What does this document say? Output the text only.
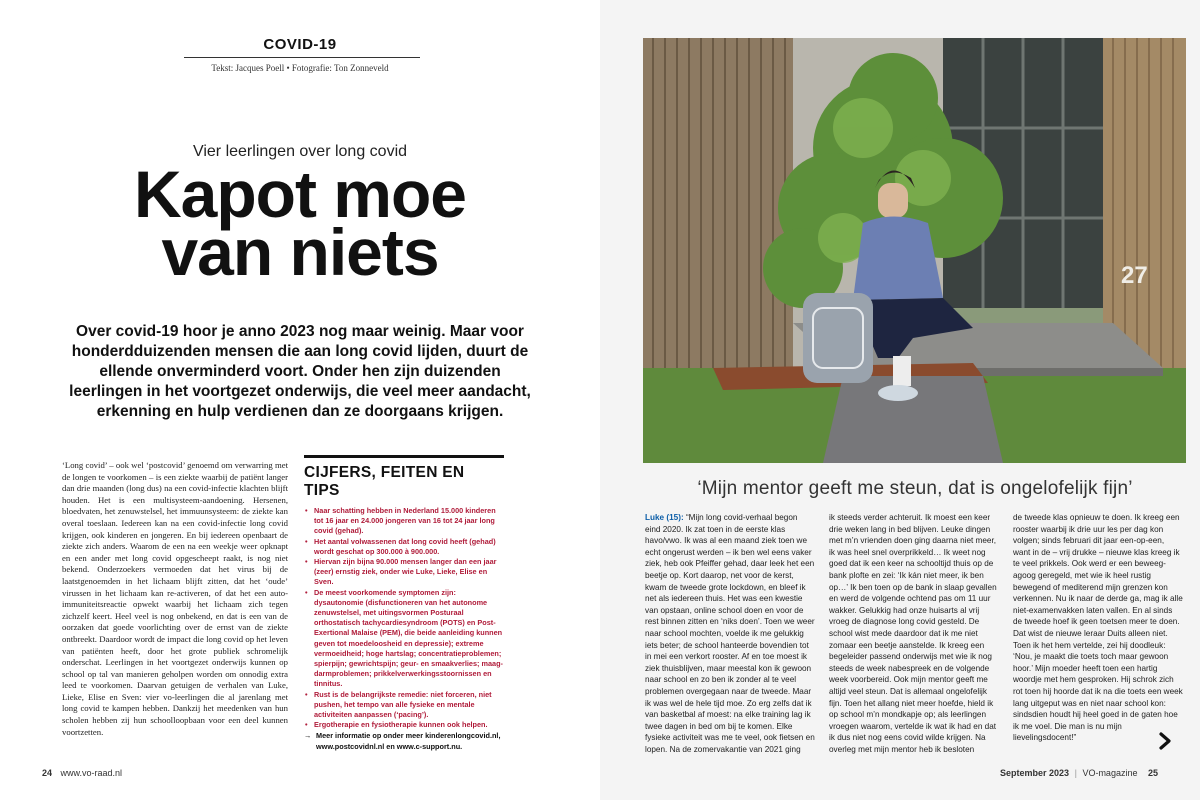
COVID-19
Tekst: Jacques Poell • Fotografie: Ton Zonneveld
Vier leerlingen over long covid
Kapot moe
van niets
Over covid-19 hoor je anno 2023 nog maar weinig. Maar voor honderdduizenden mensen die aan long covid lijden, duurt de ellende onverminderd voort. Onder hen zijn duizenden leerlingen in het voortgezet onderwijs, die veel meer aandacht, erkenning en hulp verdienen dan ze doorgaans krijgen.
‘Long covid’ – ook wel ‘postcovid’ genoemd om verwarring met de longen te voorkomen – is een ziekte waarbij de patiënt langer dan drie maanden (long dus) na een covid-infectie klachten blijft houden. Het is een multisysteem-aandoening. Hersenen, bloedvaten, het zenuwstelsel, het immuunsysteem: de ziekte kan overal toeslaan. Iedereen kan na een covid-infectie long covid krijgen, ook kinderen en jongeren. En bij iedereen openbaart de ziekte zich anders. Waarom de een na een weekje weer opknapt en een ander met long covid opgescheept raakt, is nog niet bekend. Onderzoekers vermoeden dat het virus bij de laatstgenoemden in het lichaam blijft zitten, dat het ‘oude’ virussen in het lichaam kan re-activeren, of dat het een auto-immuniteitsreactie opwekt waarbij het lichaam zich tegen zichzelf keert. Heel veel is nog onbekend, en dat is een van de oorzaken dat goede voorlichting over de ernst van de ziekte ontbreekt. Daardoor wordt de impact die long covid op het leven van patiënten heeft, door het grote publiek schromelijk onderschat. Leerlingen in het voortgezet onderwijs kunnen op school op tal van manieren geholpen worden om onnodig extra leed te voorkomen. Daarvan getuigen de verhalen van Luke, Lieke, Elise en Sven: vier vo-leerlingen die al jarenlang met long covid te kampen hebben. Dankzij het meedenken van hun scholen hebben zij hun schoolloopbaan voor een deel kunnen voortzetten.
CIJFERS, FEITEN EN TIPS
• Naar schatting hebben in Nederland 15.000 kinderen tot 16 jaar en 24.000 jongeren van 16 tot 24 jaar long covid (gehad).
• Het aantal volwassenen dat long covid heeft (gehad) wordt geschat op 300.000 à 900.000.
• Hiervan zijn bijna 90.000 mensen langer dan een jaar (zeer) ernstig ziek, onder wie Luke, Lieke, Elise en Sven.
• De meest voorkomende symptomen zijn: dysautonomie (disfunctioneren van het autonome zenuwstelsel, met uitingsvormen Posturaal orthostatisch tachycardiesyndroom (POTS) en Post-Exertional Malaise (PEM), die beide aanleiding kunnen geven tot moedeloosheid en depressie); extreme vermoeidheid; hoge hartslag; concentratieproblemen; spierpijn; gewrichtspijn; geur- en smaakverlies; maag-darmproblemen; prikkelverwerkingsstoornissen en tinnitus.
• Rust is de belangrijkste remedie: niet forceren, niet pushen, het tempo van alle fysieke en mentale activiteiten aanpassen (‘pacing’).
• Ergotherapie en fysiotherapie kunnen ook helpen.
→ Meer informatie op onder meer kinderenlongcovid.nl, www.postcovidnl.nl en www.c-support.nu.
24 www.vo-raad.nl
27
‘Mijn mentor geeft me steun, dat is ongelofelijk fijn’
Luke (15): “Mijn long covid-verhaal begon eind 2020. Ik zat toen in de eerste klas havo/vwo. Ik was al een maand ziek toen we echt ongerust werden – ik ben wel eens vaker ziek, heb ook Pfeiffer gehad, daar leek het een beetje op. Kort daarop, net voor de kerst, kwam de tweede grote lockdown, en bleef ik net als iedereen thuis. Het was een kwestie van opstaan, online school doen en voor de rest binnen zitten en ‘niks doen’. Toen we weer naar school mochten, voelde ik me gelukkig iets beter; de school hanteerde bovendien tot in mei een verkort rooster. Af en toe moest ik ziek thuisblijven, maar meestal kon ik gewoon naar school en zo ben ik zonder al te veel problemen overgegaan naar de tweede. Maar ik was wel de hele tijd moe. Zo erg zelfs dat ik van basketbal af moest: na elke training lag ik twee dagen in bed om bij te komen. Elke fysieke activiteit was me te veel, ook fietsen en lopen. Na de zomervakantie van 2021 ging
ik steeds verder achteruit. Ik moest een keer drie weken lang in bed blijven. Leuke dingen met m’n vrienden doen ging daarna niet meer, ik was heel snel overprikkeld… Ik weet nog goed dat ik een keer na schooltijd thuis op de bank plofte en zei: ‘Ik kán niet meer, ik ben op…’ Ik ben toen op de bank in slaap gevallen en werd de volgende ochtend pas om 11 uur wakker. Gelukkig had onze huisarts al vrij vroeg de diagnose long covid gesteld. De school wist mede daardoor dat ik me niet zomaar een beetje aanstelde. Ik kreeg een begeleider passend onderwijs met wie ik nog steeds de week nabespreek en de volgende week voorbereid. Ook mijn mentor geeft me altijd veel steun. Dat is allemaal ongelofelijk fijn. Toen het allang niet meer hoefde, hield ik op school m’n mondkapje op; als leerlingen vroegen waarom, vertelde ik wat ik had en dat ik dus niet nog eens covid wilde krijgen. Na overleg met mijn mentor heb ik besloten
de tweede klas opnieuw te doen. Ik kreeg een rooster waarbij ik drie uur les per dag kon volgen; sinds februari dit jaar een-op-een, want in de – vrij drukke – nieuwe klas kreeg ik te veel prikkels. Ook werd er een beweeg-agoog geregeld, met wie ik heel rustig bewegend of mediterend mijn grenzen kon verkennen. Nu ik naar de derde ga, mag ik alle niet-examenvakken laten vallen. En al sinds de tweede hoef ik geen toetsen meer te doen. Dat wist de nieuwe leraar Duits alleen niet. Toen ik het hem vertelde, zei hij doodleuk: ‘Nou, je maakt die toets toch maar gewoon hoor.’ Mijn moeder heeft toen een hartig woordje met hem gesproken. Hij schrok zich rot toen hij hoorde dat ik na die toets een week lang uitgeput was en niet naar school kon: sindsdien houdt hij heel goed in de gaten hoe ik me voel. Die man is nu mijn lievelingsdocent!”
September 2023 | VO-magazine 25
